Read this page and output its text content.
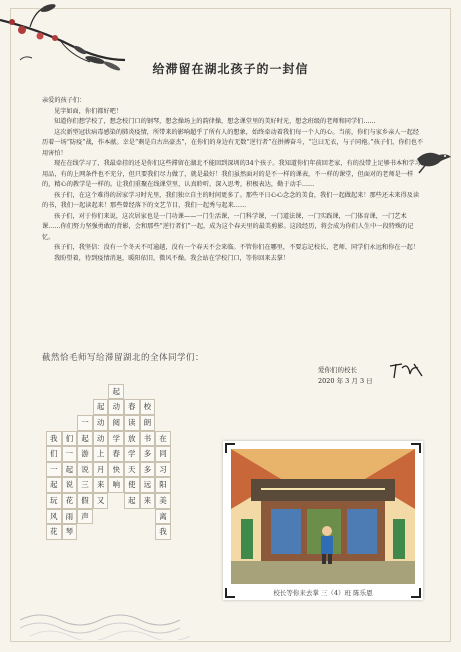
给滞留在湖北孩子的一封信

亲爱的孩子们：

见字如面，你们都好吧！

知道你们想学校了，想念校门口的钢琴，想念操场上的韵律操，想念课堂里的美好时光，想念班级的老师和同学们……

这次新型冠状病毒感染的肺炎疫情，所带来的影响超乎了所有人的想象，始终牵动着我们每一个人的心。当前，你们与家乡亲人一起经历着一场“防疫”战，作本献。幸是“剩是自古出豪杰”，在你们的身边有无数“逆行者”在拼搏奋斗，“岂曰无衣，与子同袍。”孩子们，你们也不用害怕！

现在在线学习了，我最牵挂的还是你们这些滞留在湖北不能回到深圳的34个孩子。我知道你们年前回老家，有的没带上足够书本和学习用品，有的上网条件也不充分，但只要我们尽力做了，就是最好！我们虽然面对的是不一样的课表，不一样的课堂，但面对的老师是一样的，精心的教学是一样的。让我们重聚在线课堂里，认真聆听，深入思考，积极表达，勤于动手……

孩子们，在这个难得的居家学习时光里，我们独立自主的时间更多了。那些平日心心念念的美食，我们一起做起来！那些还未来得及读的书，我们一起读起来！那些曾经落下的文艺节目，我们一起秀与起来……

孩子们，对于你们来说，这次居家也是一门功课——一门生活课，一门科学课，一门道法课，一门实践课，一门体育课，一门艺术课……你们努力坚强勇敢的背影，会和那些“逆行者们”一起，成为这个春天里的最美剪影。这段经历，将会成为你们人生中一段特殊的记忆。

孩子们，我坚信：没有一个冬天不可逾越，没有一个春天不会来临。不管你们在哪里，不要忘记校长、老师、同学们永远和你在一起！

我盼望着，待到疫情消退，暖阳依旧，微风不燥。我会站在学校门口，等你回来去掌！

截然恰毛师写给滞留湖北的全体同学们：
爱你们的校长
2020 年 3 月 3 日
我
们
一
起
玩
风
花
们
一
起
说
花
雨
琴
一
起
游
说
三
假
声
起
动
动
上
月
来
又
起
动
阅
学
春
快
响
春
读
放
学
天
使
起
校
朗
书
多
多
远
来
在
同
习
阳
美
离
我
校长等你来去掌 三（4）班 陈乐恩
